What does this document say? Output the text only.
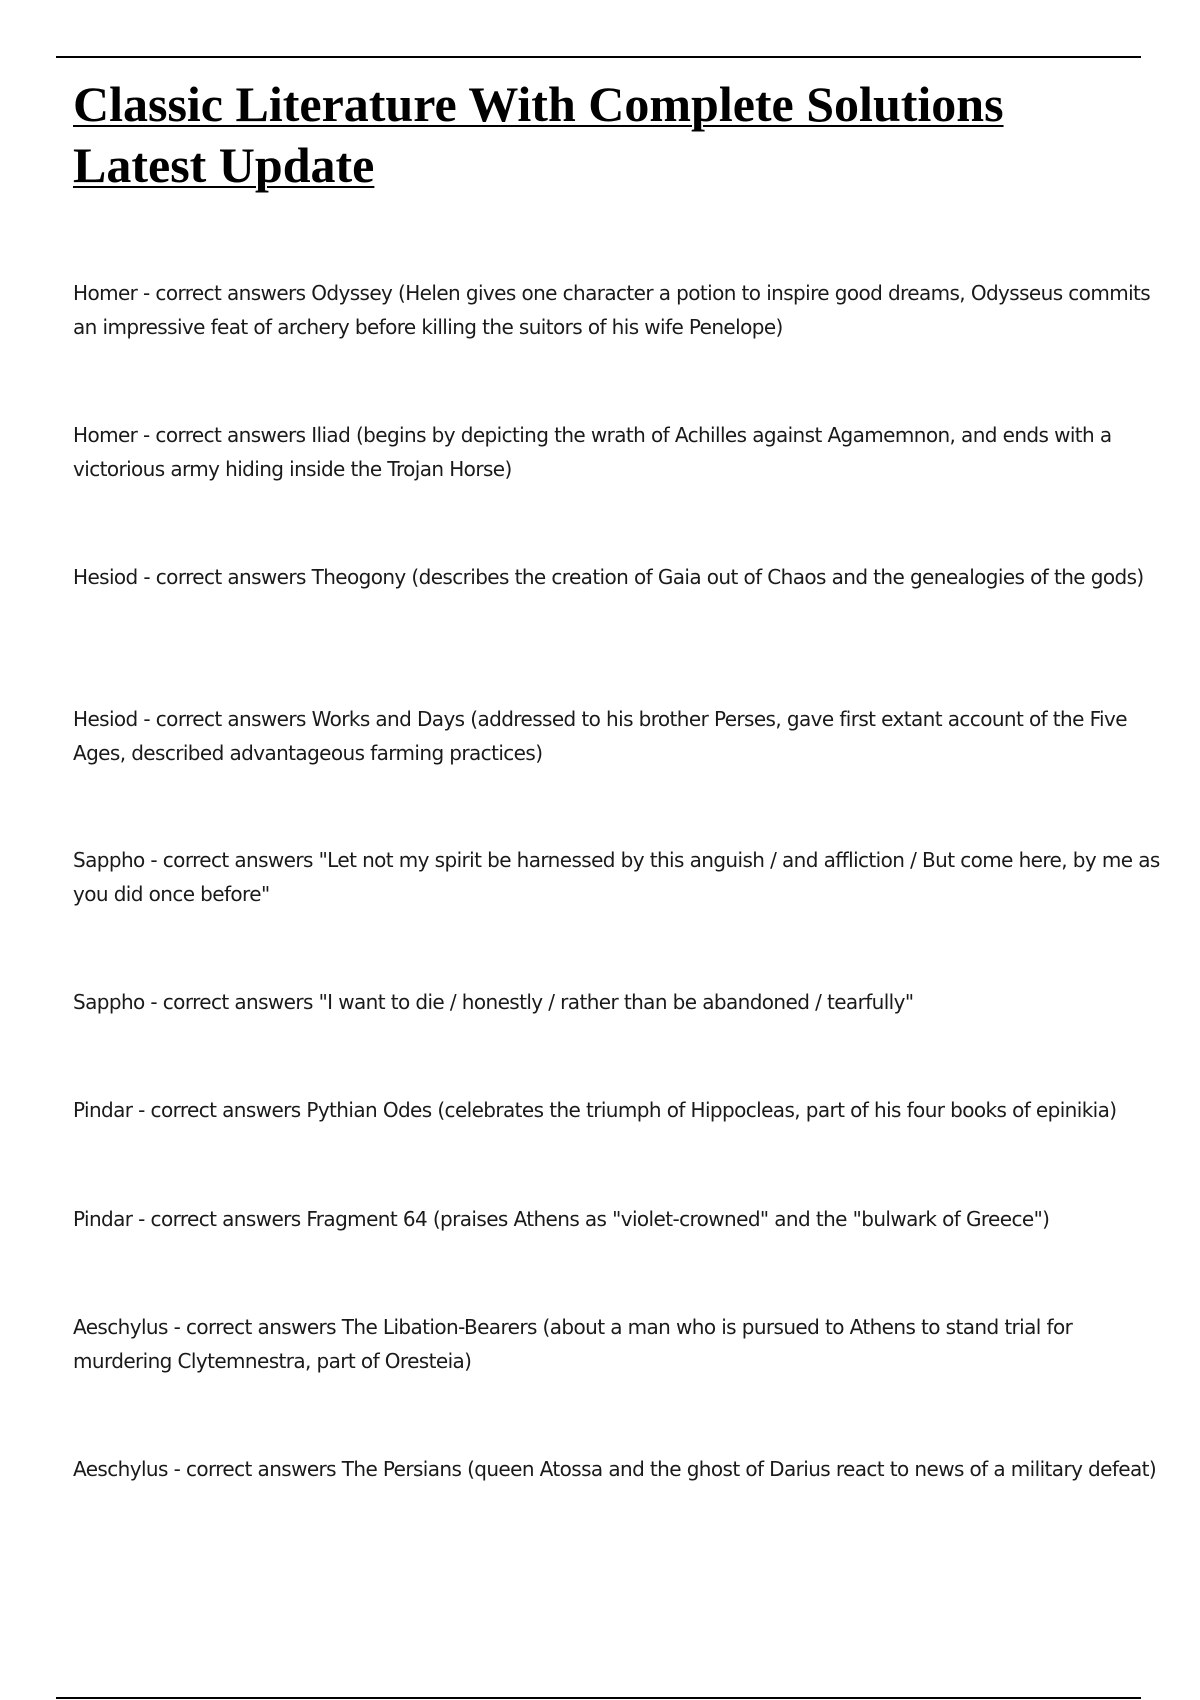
Classic Literature With Complete Solutions
Latest Update

Homer - correct answers Odyssey (Helen gives one character a potion to inspire good dreams, Odysseus commits an impressive feat of archery before killing the suitors of his wife Penelope)

Homer - correct answers Iliad (begins by depicting the wrath of Achilles against Agamemnon, and ends with a victorious army hiding inside the Trojan Horse)

Hesiod - correct answers Theogony (describes the creation of Gaia out of Chaos and the genealogies of the gods)

Hesiod - correct answers Works and Days (addressed to his brother Perses, gave first extant account of the Five Ages, described advantageous farming practices)

Sappho - correct answers "Let not my spirit be harnessed by this anguish / and affliction / But come here, by me as you did once before"

Sappho - correct answers "I want to die / honestly / rather than be abandoned / tearfully"

Pindar - correct answers Pythian Odes (celebrates the triumph of Hippocleas, part of his four books of epinikia)

Pindar - correct answers Fragment 64 (praises Athens as "violet-crowned" and the "bulwark of Greece")

Aeschylus - correct answers The Libation-Bearers (about a man who is pursued to Athens to stand trial for murdering Clytemnestra, part of Oresteia)

Aeschylus - correct answers The Persians (queen Atossa and the ghost of Darius react to news of a military defeat)
